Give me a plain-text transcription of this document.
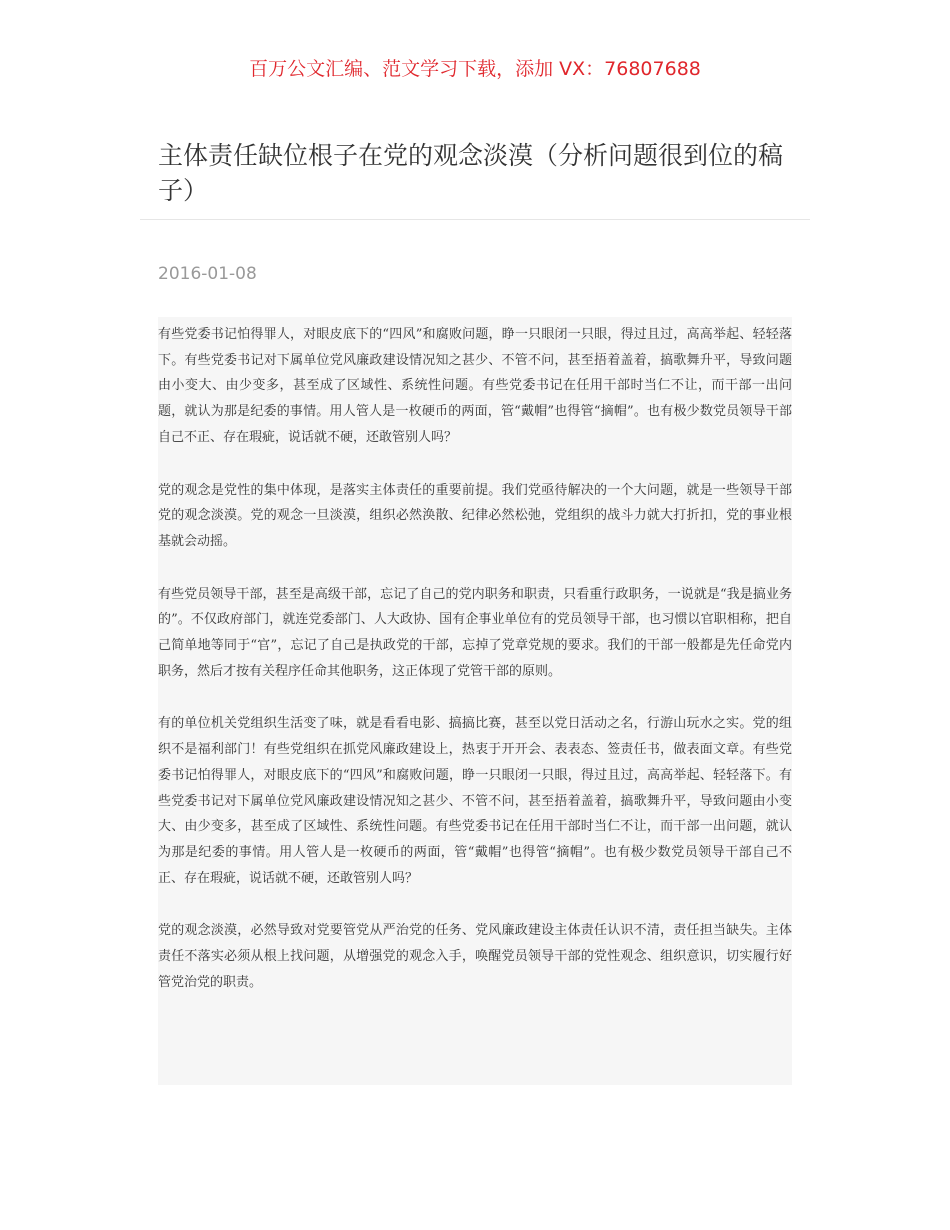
百万公文汇编、范文学习下载，添加 VX：76807688
主体责任缺位根子在党的观念淡漠（分析问题很到位的稿子）
2016-01-08

有些党委书记怕得罪人，对眼皮底下的“四风”和腐败问题，睁一只眼闭一只眼，得过且过，高高举起、轻轻落下。有些党委书记对下属单位党风廉政建设情况知之甚少、不管不问，甚至捂着盖着，搞歌舞升平，导致问题由小变大、由少变多，甚至成了区域性、系统性问题。有些党委书记在任用干部时当仁不让，而干部一出问题，就认为那是纪委的事情。用人管人是一枚硬币的两面，管“戴帽”也得管“摘帽”。也有极少数党员领导干部自己不正、存在瑕疵，说话就不硬，还敢管别人吗？

党的观念是党性的集中体现，是落实主体责任的重要前提。我们党亟待解决的一个大问题，就是一些领导干部党的观念淡漠。党的观念一旦淡漠，组织必然涣散、纪律必然松弛，党组织的战斗力就大打折扣，党的事业根基就会动摇。

有些党员领导干部，甚至是高级干部，忘记了自己的党内职务和职责，只看重行政职务，一说就是“我是搞业务的”。不仅政府部门，就连党委部门、人大政协、国有企事业单位有的党员领导干部，也习惯以官职相称，把自己简单地等同于“官”，忘记了自己是执政党的干部，忘掉了党章党规的要求。我们的干部一般都是先任命党内职务，然后才按有关程序任命其他职务，这正体现了党管干部的原则。

有的单位机关党组织生活变了味，就是看看电影、搞搞比赛，甚至以党日活动之名，行游山玩水之实。党的组织不是福利部门！有些党组织在抓党风廉政建设上，热衷于开开会、表表态、签责任书，做表面文章。有些党委书记怕得罪人，对眼皮底下的“四风”和腐败问题，睁一只眼闭一只眼，得过且过，高高举起、轻轻落下。有些党委书记对下属单位党风廉政建设情况知之甚少、不管不问，甚至捂着盖着，搞歌舞升平，导致问题由小变大、由少变多，甚至成了区域性、系统性问题。有些党委书记在任用干部时当仁不让，而干部一出问题，就认为那是纪委的事情。用人管人是一枚硬币的两面，管“戴帽”也得管“摘帽”。也有极少数党员领导干部自己不正、存在瑕疵，说话就不硬，还敢管别人吗？

党的观念淡漠，必然导致对党要管党从严治党的任务、党风廉政建设主体责任认识不清，责任担当缺失。主体责任不落实必须从根上找问题，从增强党的观念入手，唤醒党员领导干部的党性观念、组织意识，切实履行好管党治党的职责。
